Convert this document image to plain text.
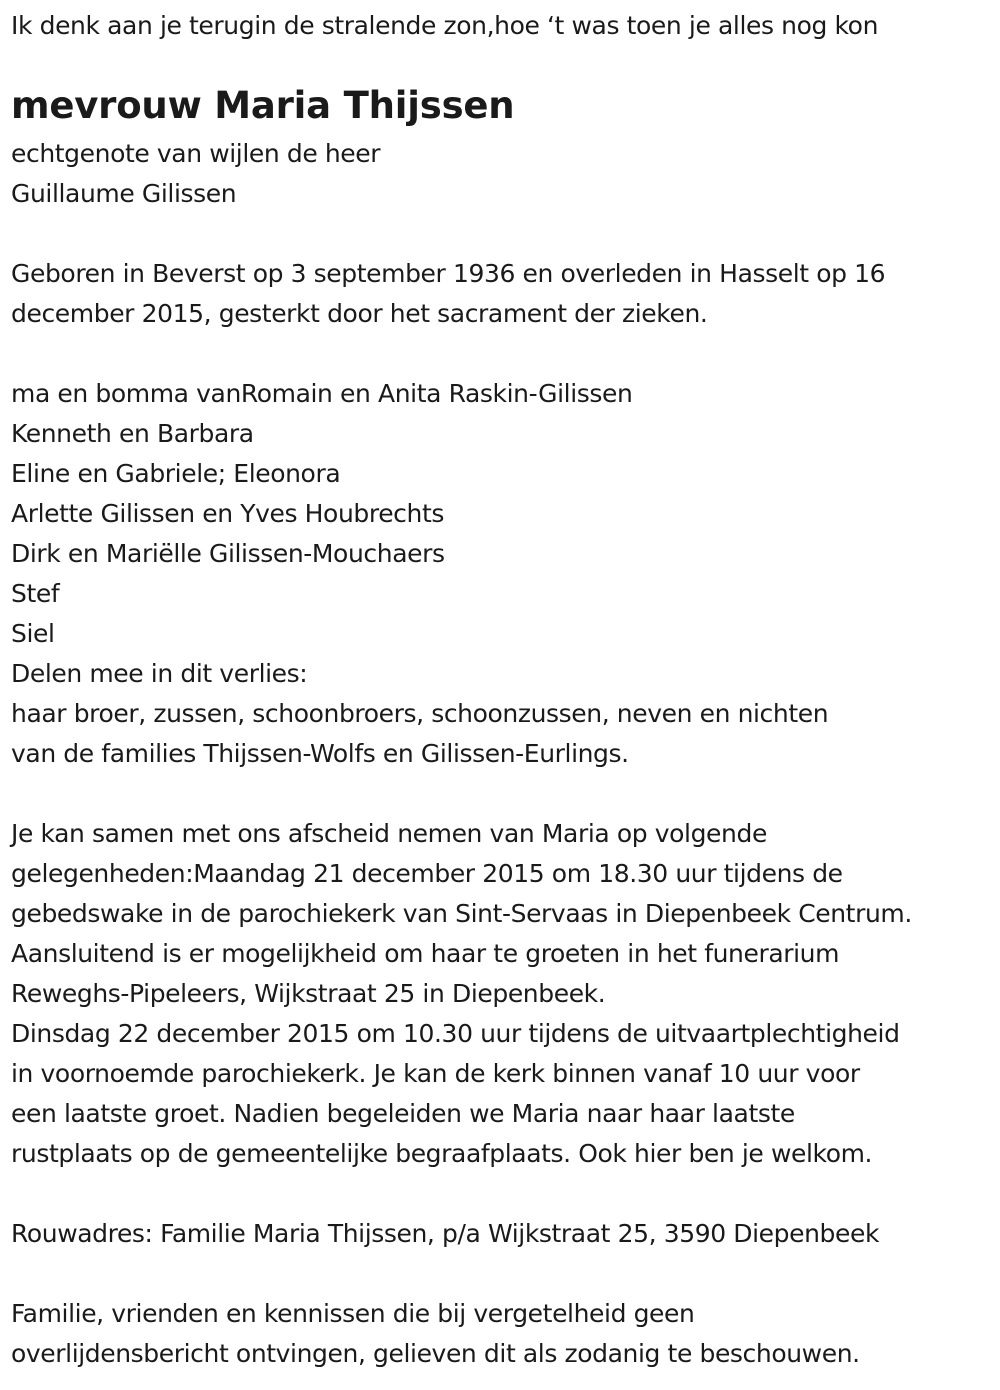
Ik denk aan je terugin de stralende zon,hoe ‘t was toen je alles nog kon
mevrouw Maria Thijssen
echtgenote van wijlen de heer
Guillaume Gilissen
Geboren in Beverst op 3 september 1936 en overleden in Hasselt op 16
december 2015, gesterkt door het sacrament der zieken.
ma en bomma vanRomain en Anita Raskin-Gilissen
Kenneth en Barbara
Eline en Gabriele; Eleonora
Arlette Gilissen en Yves Houbrechts
Dirk en Mariëlle Gilissen-Mouchaers
Stef
Siel
Delen mee in dit verlies:
haar broer, zussen, schoonbroers, schoonzussen, neven en nichten
van de families Thijssen-Wolfs en Gilissen-Eurlings.
Je kan samen met ons afscheid nemen van Maria op volgende
gelegenheden:Maandag 21 december 2015 om 18.30 uur tijdens de
gebedswake in de parochiekerk van Sint-Servaas in Diepenbeek Centrum.
Aansluitend is er mogelijkheid om haar te groeten in het funerarium
Reweghs-Pipeleers, Wijkstraat 25 in Diepenbeek.
Dinsdag 22 december 2015 om 10.30 uur tijdens de uitvaartplechtigheid
in voornoemde parochiekerk. Je kan de kerk binnen vanaf 10 uur voor
een laatste groet. Nadien begeleiden we Maria naar haar laatste
rustplaats op de gemeentelijke begraafplaats. Ook hier ben je welkom.
Rouwadres: Familie Maria Thijssen, p/a Wijkstraat 25, 3590 Diepenbeek
Familie, vrienden en kennissen die bij vergetelheid geen
overlijdensbericht ontvingen, gelieven dit als zodanig te beschouwen.
